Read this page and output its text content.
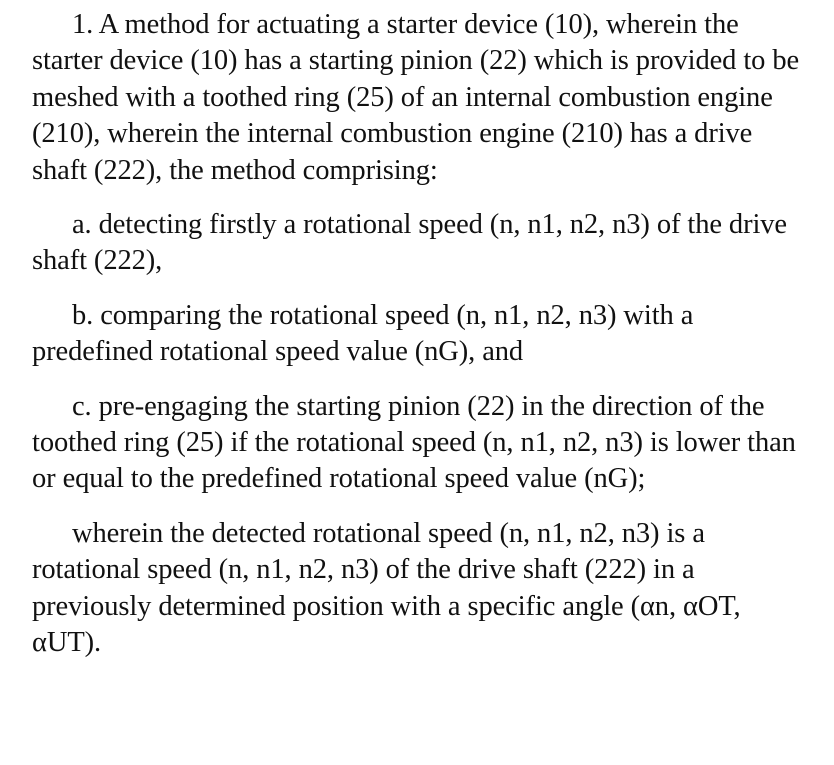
1. A method for actuating a starter device (10), wherein the starter device (10) has a starting pinion (22) which is provided to be meshed with a toothed ring (25) of an internal combustion engine (210), wherein the internal combustion engine (210) has a drive shaft (222), the method comprising:

a. detecting firstly a rotational speed (n, n1, n2, n3) of the drive shaft (222),

b. comparing the rotational speed (n, n1, n2, n3) with a predefined rotational speed value (nG), and

c. pre-engaging the starting pinion (22) in the direction of the toothed ring (25) if the rotational speed (n, n1, n2, n3) is lower than or equal to the predefined rotational speed value (nG);

wherein the detected rotational speed (n, n1, n2, n3) is a rotational speed (n, n1, n2, n3) of the drive shaft (222) in a previously determined position with a specific angle (αn, αOT, αUT).
